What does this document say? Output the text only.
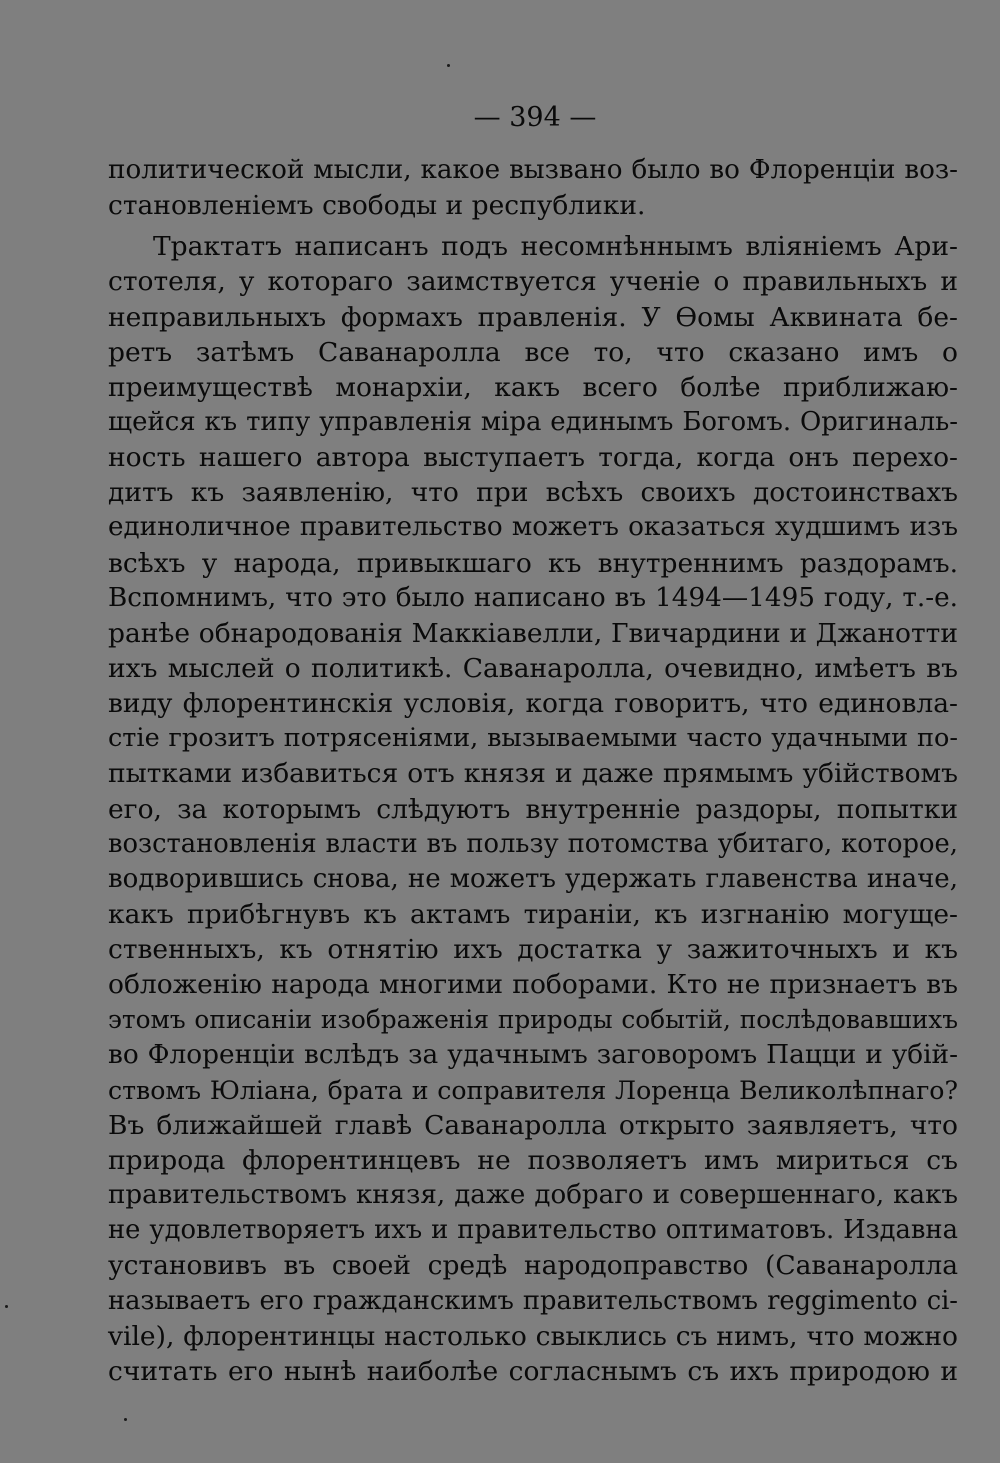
— 394 —
политической мысли, какое вызвано было во Флоренціи воз-
становленіемъ свободы и республики.
Трактатъ написанъ подъ несомнѣннымъ вліяніемъ Ари-
стотеля, у котораго заимствуется ученіе о правильныхъ и
неправильныхъ формахъ правленія. У Ѳомы Аквината бе-
ретъ затѣмъ Саванаролла все то, что сказано имъ о
преимуществѣ монархіи, какъ всего болѣе приближаю-
щейся къ типу управленія міра единымъ Богомъ. Оригиналь-
ность нашего автора выступаетъ тогда, когда онъ перехо-
дитъ къ заявленію, что при всѣхъ своихъ достоинствахъ
единоличное правительство можетъ оказаться худшимъ изъ
всѣхъ у народа, привыкшаго къ внутреннимъ раздорамъ.
Вспомнимъ, что это было написано въ 1494—1495 году, т.-е.
ранѣе обнародованія Маккіавелли, Гвичардини и Джанотти
ихъ мыслей о политикѣ. Саванаролла, очевидно, имѣетъ въ
виду флорентинскія условія, когда говоритъ, что единовла-
стіе грозитъ потрясеніями, вызываемыми часто удачными по-
пытками избавиться отъ князя и даже прямымъ убійствомъ
его, за которымъ слѣдуютъ внутренніе раздоры, попытки
возстановленія власти въ пользу потомства убитаго, которое,
водворившись снова, не можетъ удержать главенства иначе,
какъ прибѣгнувъ къ актамъ тираніи, къ изгнанію могуще-
ственныхъ, къ отнятію ихъ достатка у зажиточныхъ и къ
обложенію народа многими поборами. Кто не признаетъ въ
этомъ описаніи изображенія природы событій, послѣдовавшихъ
во Флоренціи вслѣдъ за удачнымъ заговоромъ Пацци и убій-
ствомъ Юліана, брата и соправителя Лоренца Великолѣпнаго?
Въ ближайшей главѣ Саванаролла открыто заявляетъ, что
природа флорентинцевъ не позволяетъ имъ мириться съ
правительствомъ князя, даже добраго и совершеннаго, какъ
не удовлетворяетъ ихъ и правительство оптиматовъ. Издавна
установивъ въ своей средѣ народоправство (Саванаролла
называетъ его гражданскимъ правительствомъ reggimento ci-
vile), флорентинцы настолько свыклись съ нимъ, что можно
считать его нынѣ наиболѣе согласнымъ съ ихъ природою и
